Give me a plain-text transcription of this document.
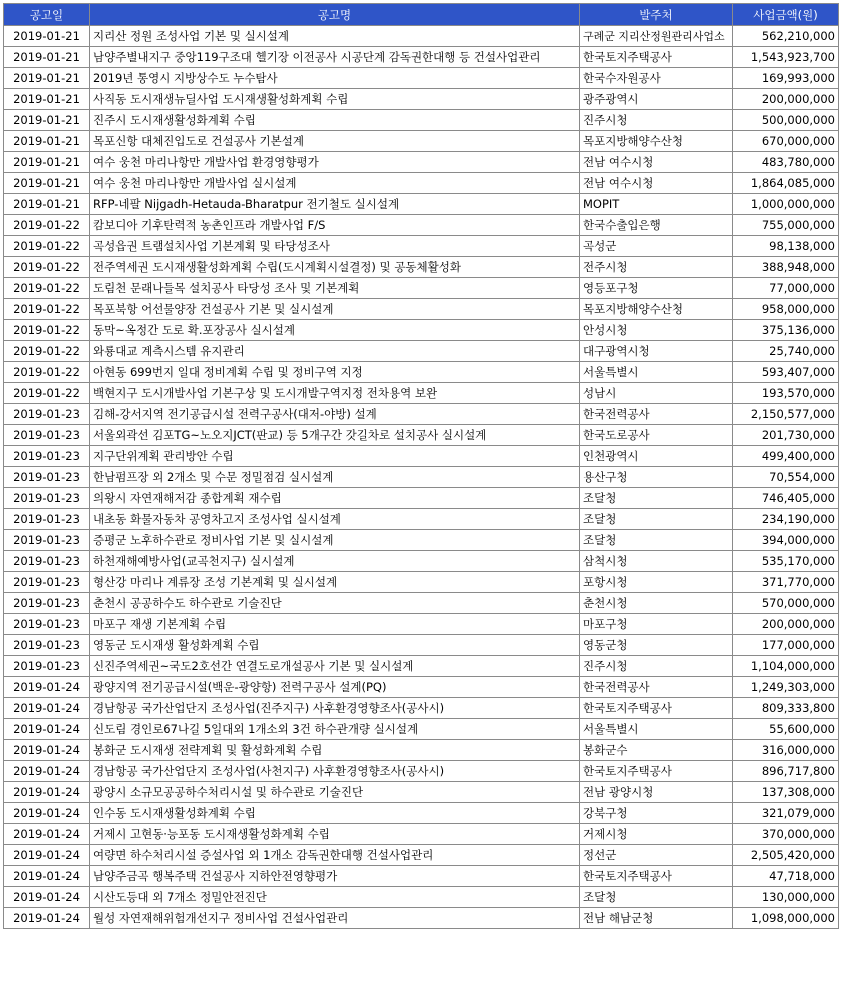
공고일	공고명	발주처	사업금액(원)
2019-01-21	지리산 정원 조성사업 기본 및 실시설계	구례군 지리산정원관리사업소	562,210,000
2019-01-21	남양주별내지구 중앙119구조대 헬기장 이전공사 시공단계 감독권한대행 등 건설사업관리	한국토지주택공사	1,543,923,700
2019-01-21	2019년 통영시 지방상수도 누수탐사	한국수자원공사	169,993,000
2019-01-21	사직동 도시재생뉴딜사업 도시재생활성화계획 수립	광주광역시	200,000,000
2019-01-21	진주시 도시재생활성화계획 수립	진주시청	500,000,000
2019-01-21	목포신항 대체진입도로 건설공사 기본설계	목포지방해양수산청	670,000,000
2019-01-21	여수 웅천 마리나항만 개발사업 환경영향평가	전남 여수시청	483,780,000
2019-01-21	여수 웅천 마리나항만 개발사업 실시설계	전남 여수시청	1,864,085,000
2019-01-21	RFP-네팔 Nijgadh-Hetauda-Bharatpur 전기철도 실시설계	MOPIT	1,000,000,000
2019-01-22	캄보디아 기후탄력적 농촌인프라 개발사업 F/S	한국수출입은행	755,000,000
2019-01-22	곡성읍권 트램설치사업 기본계획 및 타당성조사	곡성군	98,138,000
2019-01-22	전주역세권 도시재생활성화계획 수립(도시계획시설결정) 및 공동체활성화	전주시청	388,948,000
2019-01-22	도림천 문래나들목 설치공사 타당성 조사 및 기본계획	영등포구청	77,000,000
2019-01-22	목포북항 어선물양장 건설공사 기본 및 실시설계	목포지방해양수산청	958,000,000
2019-01-22	동막~옥정간 도로 확.포장공사 실시설계	안성시청	375,136,000
2019-01-22	와룡대교 계측시스템 유지관리	대구광역시청	25,740,000
2019-01-22	아현동 699번지 일대 정비계획 수립 및 정비구역 지정	서울특별시	593,407,000
2019-01-22	백현지구 도시개발사업 기본구상 및 도시개발구역지정 전차용역 보완	성남시	193,570,000
2019-01-23	김해-강서지역 전기공급시설 전력구공사(대저-야방) 설계	한국전력공사	2,150,577,000
2019-01-23	서울외곽선 김포TG~노오지JCT(판교) 등 5개구간 갓길차로 설치공사 실시설계	한국도로공사	201,730,000
2019-01-23	지구단위계획 관리방안 수립	인천광역시	499,400,000
2019-01-23	한남펌프장 외 2개소 및 수문 정밀점검 실시설계	용산구청	70,554,000
2019-01-23	의왕시 자연재해저감 종합계획 재수립	조달청	746,405,000
2019-01-23	내초동 화물자동차 공영차고지 조성사업 실시설계	조달청	234,190,000
2019-01-23	증평군 노후하수관로 정비사업 기본 및 실시설계	조달청	394,000,000
2019-01-23	하천재해예방사업(교곡천지구) 실시설계	삼척시청	535,170,000
2019-01-23	형산강 마리나 계류장 조성 기본계획 및 실시설계	포항시청	371,770,000
2019-01-23	춘천시 공공하수도 하수관로 기술진단	춘천시청	570,000,000
2019-01-23	마포구 재생 기본계획 수립	마포구청	200,000,000
2019-01-23	영동군 도시재생 활성화계획 수립	영동군청	177,000,000
2019-01-23	신진주역세권~국도2호선간 연결도로개설공사 기본 및 실시설계	진주시청	1,104,000,000
2019-01-24	광양지역 전기공급시설(백운-광양항) 전력구공사 설계(PQ)	한국전력공사	1,249,303,000
2019-01-24	경남항공 국가산업단지 조성사업(진주지구) 사후환경영향조사(공사시)	한국토지주택공사	809,333,800
2019-01-24	신도림 경인로67나길 5일대외 1개소외 3건 하수관개량 실시설계	서울특별시	55,600,000
2019-01-24	봉화군 도시재생 전략계획 및 활성화계획 수립	봉화군수	316,000,000
2019-01-24	경남항공 국가산업단지 조성사업(사천지구) 사후환경영향조사(공사시)	한국토지주택공사	896,717,800
2019-01-24	광양시 소규모공공하수처리시설 및 하수관로 기술진단	전남 광양시청	137,308,000
2019-01-24	인수동 도시재생활성화계획 수립	강북구청	321,079,000
2019-01-24	거제시 고현동·능포동 도시재생활성화계획 수립	거제시청	370,000,000
2019-01-24	여량면 하수처리시설 증설사업 외 1개소 감독권한대행 건설사업관리	정선군	2,505,420,000
2019-01-24	남양주금곡 행복주택 건설공사 지하안전영향평가	한국토지주택공사	47,718,000
2019-01-24	시산도등대 외 7개소 정밀안전진단	조달청	130,000,000
2019-01-24	월성 자연재해위험개선지구 정비사업 건설사업관리	전남 해남군청	1,098,000,000
